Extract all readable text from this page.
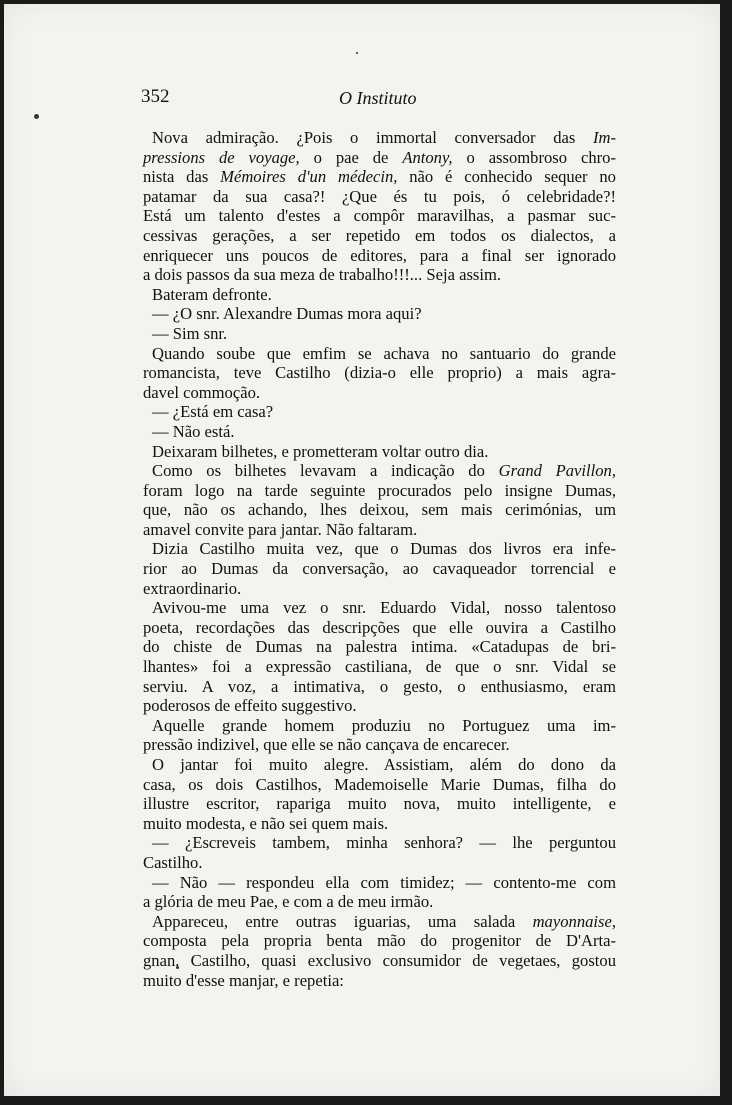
352	O Instituto

Nova admiração. ¿Pois o immortal conversador das Im-

pressions de voyage, o pae de Antony, o assombroso chro-

nista das Mémoires d'un médecin, não é conhecido sequer no

patamar da sua casa?! ¿Que és tu pois, ó celebridade?!

Está um talento d'estes a compôr maravilhas, a pasmar suc-

cessivas gerações, a ser repetido em todos os dialectos, a

enriquecer uns poucos de editores, para a final ser ignorado

a dois passos da sua meza de trabalho!!!... Seja assim.

Bateram defronte.

— ¿O snr. Alexandre Dumas mora aqui?

— Sim snr.

Quando soube que emfim se achava no santuario do grande

romancista, teve Castilho (dizia-o elle proprio) a mais agra-

davel commoção.

— ¿Está em casa?

— Não está.

Deixaram bilhetes, e prometteram voltar outro dia.

Como os bilhetes levavam a indicação do Grand Pavillon,

foram logo na tarde seguinte procurados pelo insigne Dumas,

que, não os achando, lhes deixou, sem mais cerimónias, um

amavel convite para jantar. Não faltaram.

Dizia Castilho muita vez, que o Dumas dos livros era infe-

rior ao Dumas da conversação, ao cavaqueador torrencial e

extraordinario.

Avivou-me uma vez o snr. Eduardo Vidal, nosso talentoso

poeta, recordações das descripções que elle ouvira a Castilho

do chiste de Dumas na palestra intima. «Catadupas de bri-

lhantes» foi a expressão castiliana, de que o snr. Vidal se

serviu. A voz, a intimativa, o gesto, o enthusiasmo, eram

poderosos de effeito suggestivo.

Aquelle grande homem produziu no Portuguez uma im-

pressão indizivel, que elle se não cançava de encarecer.

O jantar foi muito alegre. Assistiam, além do dono da

casa, os dois Castilhos, Mademoiselle Marie Dumas, filha do

illustre escritor, rapariga muito nova, muito intelligente, e

muito modesta, e não sei quem mais.

— ¿Escreveis tambem, minha senhora? — lhe perguntou

Castilho.

— Não — respondeu ella com timidez; — contento-me com

a glória de meu Pae, e com a de meu irmão.

Appareceu, entre outras iguarias, uma salada mayonnaise,

composta pela propria benta mão do progenitor de D'Arta-

gnan. Castilho, quasi exclusivo consumidor de vegetaes, gostou

muito d'esse manjar, e repetia:
